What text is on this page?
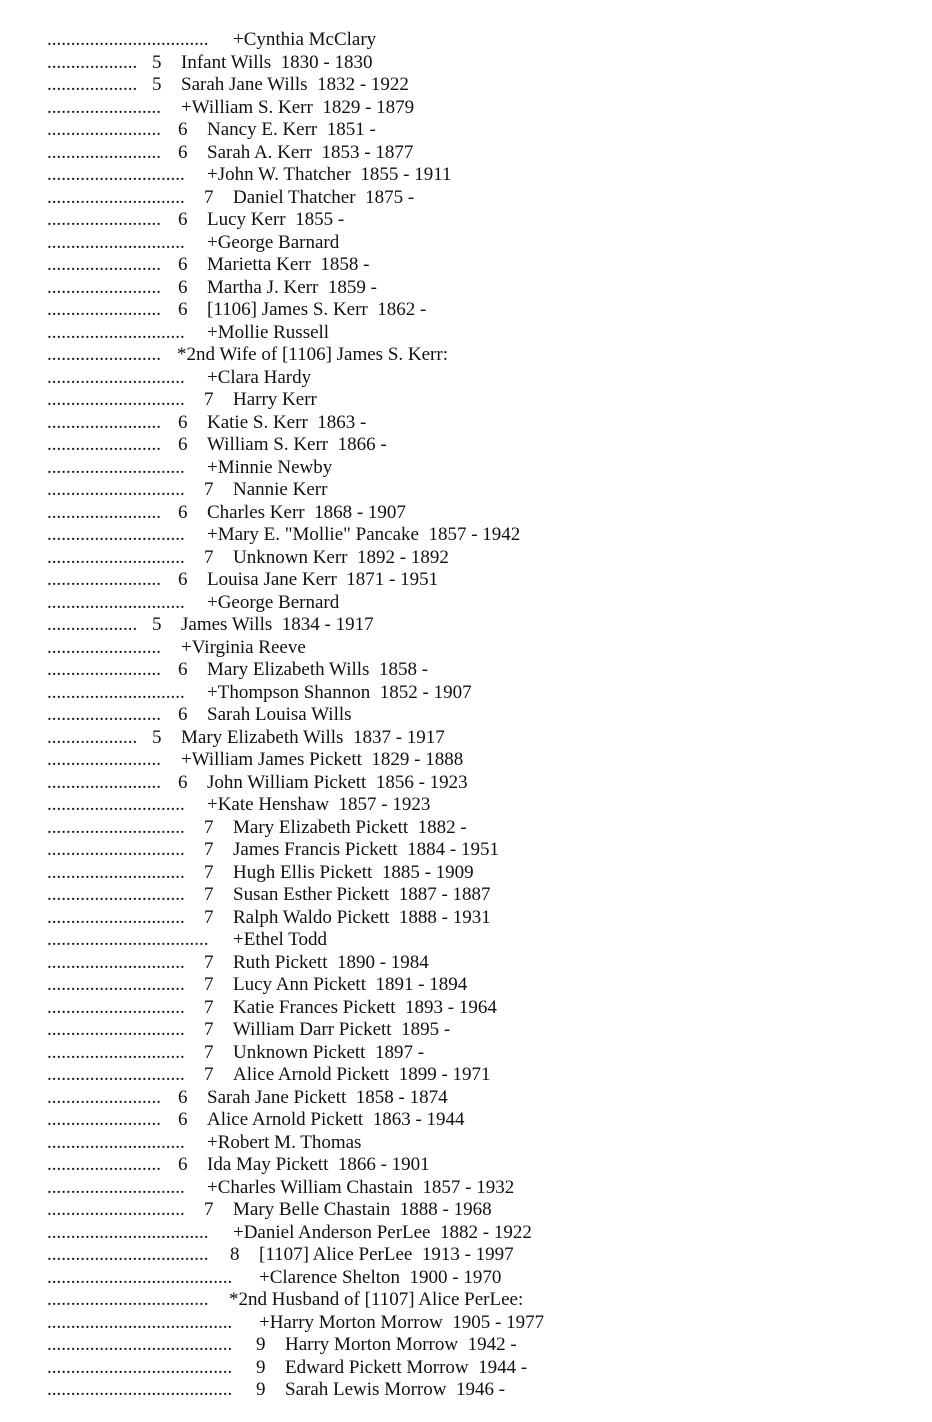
.................................. +Cynthia McClary
................... 5 Infant Wills  1830 - 1830
................... 5 Sarah Jane Wills  1832 - 1922
........................ +William S. Kerr  1829 - 1879
........................ 6 Nancy E. Kerr  1851 -
........................ 6 Sarah A. Kerr  1853 - 1877
............................. +John W. Thatcher  1855 - 1911
............................. 7 Daniel Thatcher  1875 -
........................ 6 Lucy Kerr  1855 -
............................. +George Barnard
........................ 6 Marietta Kerr  1858 -
........................ 6 Martha J. Kerr  1859 -
........................ 6 [1106] James S. Kerr  1862 -
............................. +Mollie Russell
........................ *2nd Wife of [1106] James S. Kerr:
............................. +Clara Hardy
............................. 7 Harry Kerr
........................ 6 Katie S. Kerr  1863 -
........................ 6 William S. Kerr  1866 -
............................. +Minnie Newby
............................. 7 Nannie Kerr
........................ 6 Charles Kerr  1868 - 1907
............................. +Mary E. "Mollie" Pancake  1857 - 1942
............................. 7 Unknown Kerr  1892 - 1892
........................ 6 Louisa Jane Kerr  1871 - 1951
............................. +George Bernard
................... 5 James Wills  1834 - 1917
........................ +Virginia Reeve
........................ 6 Mary Elizabeth Wills  1858 -
............................. +Thompson Shannon  1852 - 1907
........................ 6 Sarah Louisa Wills
................... 5 Mary Elizabeth Wills  1837 - 1917
........................ +William James Pickett  1829 - 1888
........................ 6 John William Pickett  1856 - 1923
............................. +Kate Henshaw  1857 - 1923
............................. 7 Mary Elizabeth Pickett  1882 -
............................. 7 James Francis Pickett  1884 - 1951
............................. 7 Hugh Ellis Pickett  1885 - 1909
............................. 7 Susan Esther Pickett  1887 - 1887
............................. 7 Ralph Waldo Pickett  1888 - 1931
.................................. +Ethel Todd
............................. 7 Ruth Pickett  1890 - 1984
............................. 7 Lucy Ann Pickett  1891 - 1894
............................. 7 Katie Frances Pickett  1893 - 1964
............................. 7 William Darr Pickett  1895 -
............................. 7 Unknown Pickett  1897 -
............................. 7 Alice Arnold Pickett  1899 - 1971
........................ 6 Sarah Jane Pickett  1858 - 1874
........................ 6 Alice Arnold Pickett  1863 - 1944
............................. +Robert M. Thomas
........................ 6 Ida May Pickett  1866 - 1901
............................. +Charles William Chastain  1857 - 1932
............................. 7 Mary Belle Chastain  1888 - 1968
.................................. +Daniel Anderson PerLee  1882 - 1922
.................................. 8 [1107] Alice PerLee  1913 - 1997
....................................... +Clarence Shelton  1900 - 1970
.................................. *2nd Husband of [1107] Alice PerLee:
....................................... +Harry Morton Morrow  1905 - 1977
....................................... 9 Harry Morton Morrow  1942 -
....................................... 9 Edward Pickett Morrow  1944 -
....................................... 9 Sarah Lewis Morrow  1946 -
